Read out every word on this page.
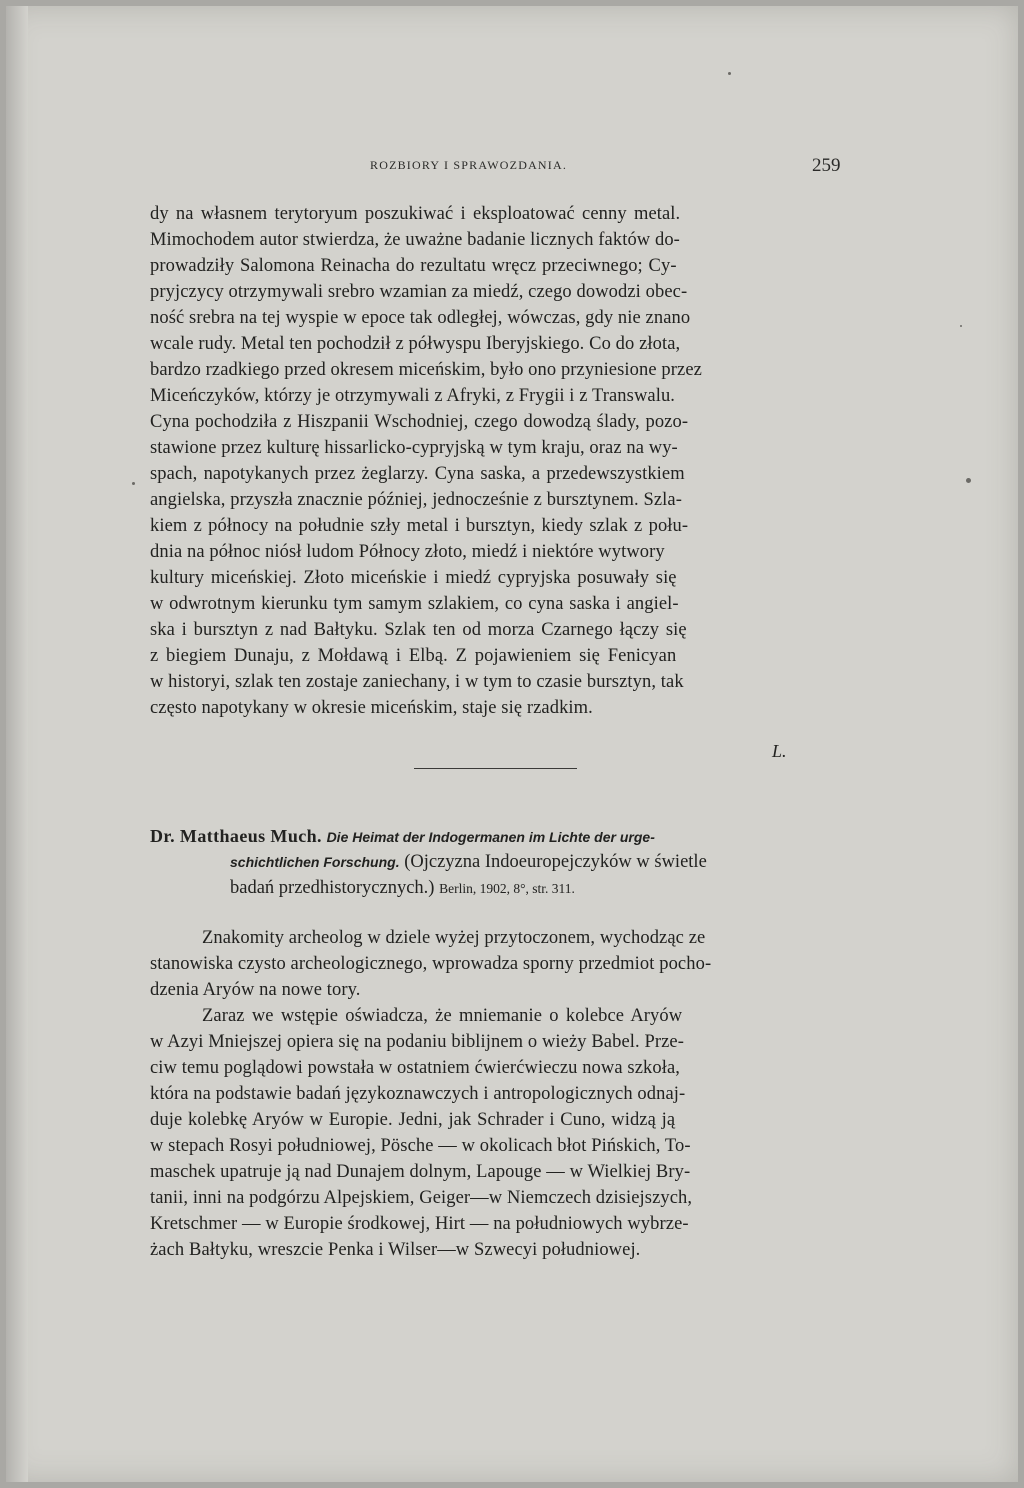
ROZBIORY I SPRAWOZDANIA.	259
dy na własnem terytoryum poszukiwać i eksploatować cenny metal.
Mimochodem autor stwierdza, że uważne badanie licznych faktów do-
prowadziły Salomona Reinacha do rezultatu wręcz przeciwnego; Cy-
pryjczycy otrzymywali srebro wzamian za miedź, czego dowodzi obec-
ność srebra na tej wyspie w epoce tak odległej, wówczas, gdy nie znano
wcale rudy. Metal ten pochodził z półwyspu Iberyjskiego. Co do złota,
bardzo rzadkiego przed okresem miceńskim, było ono przyniesione przez
Miceńczyków, którzy je otrzymywali z Afryki, z Frygii i z Transwalu.
Cyna pochodziła z Hiszpanii Wschodniej, czego dowodzą ślady, pozo-
stawione przez kulturę hissarlicko-cypryjską w tym kraju, oraz na wy-
spach, napotykanych przez żeglarzy. Cyna saska, a przedewszystkiem
angielska, przyszła znacznie później, jednocześnie z bursztynem. Szla-
kiem z północy na południe szły metal i bursztyn, kiedy szlak z połu-
dnia na północ niósł ludom Północy złoto, miedź i niektóre wytwory
kultury miceńskiej. Złoto miceńskie i miedź cypryjska posuwały się
w odwrotnym kierunku tym samym szlakiem, co cyna saska i angiel-
ska i bursztyn z nad Bałtyku. Szlak ten od morza Czarnego łączy się
z biegiem Dunaju, z Mołdawą i Elbą. Z pojawieniem się Fenicyan
w historyi, szlak ten zostaje zaniechany, i w tym to czasie bursztyn, tak
często napotykany w okresie miceńskim, staje się rzadkim.
L.
Dr. Matthaeus Much. Die Heimat der Indogermanen im Lichte der urge-
schichtlichen Forschung. (Ojczyzna Indoeuropejczyków w świetle
badań przedhistorycznych.) Berlin, 1902, 8°, str. 311.
Znakomity archeolog w dziele wyżej przytoczonem, wychodząc ze
stanowiska czysto archeologicznego, wprowadza sporny przedmiot pocho-
dzenia Aryów na nowe tory.
Zaraz we wstępie oświadcza, że mniemanie o kolebce Aryów
w Azyi Mniejszej opiera się na podaniu biblijnem o wieży Babel. Prze-
ciw temu poglądowi powstała w ostatniem ćwierćwieczu nowa szkoła,
która na podstawie badań językoznawczych i antropologicznych odnaj-
duje kolebkę Aryów w Europie. Jedni, jak Schrader i Cuno, widzą ją
w stepach Rosyi południowej, Pösche — w okolicach błot Pińskich, To-
maschek upatruje ją nad Dunajem dolnym, Lapouge — w Wielkiej Bry-
tanii, inni na podgórzu Alpejskiem, Geiger—w Niemczech dzisiejszych,
Kretschmer — w Europie środkowej, Hirt — na południowych wybrze-
żach Bałtyku, wreszcie Penka i Wilser—w Szwecyi południowej.
